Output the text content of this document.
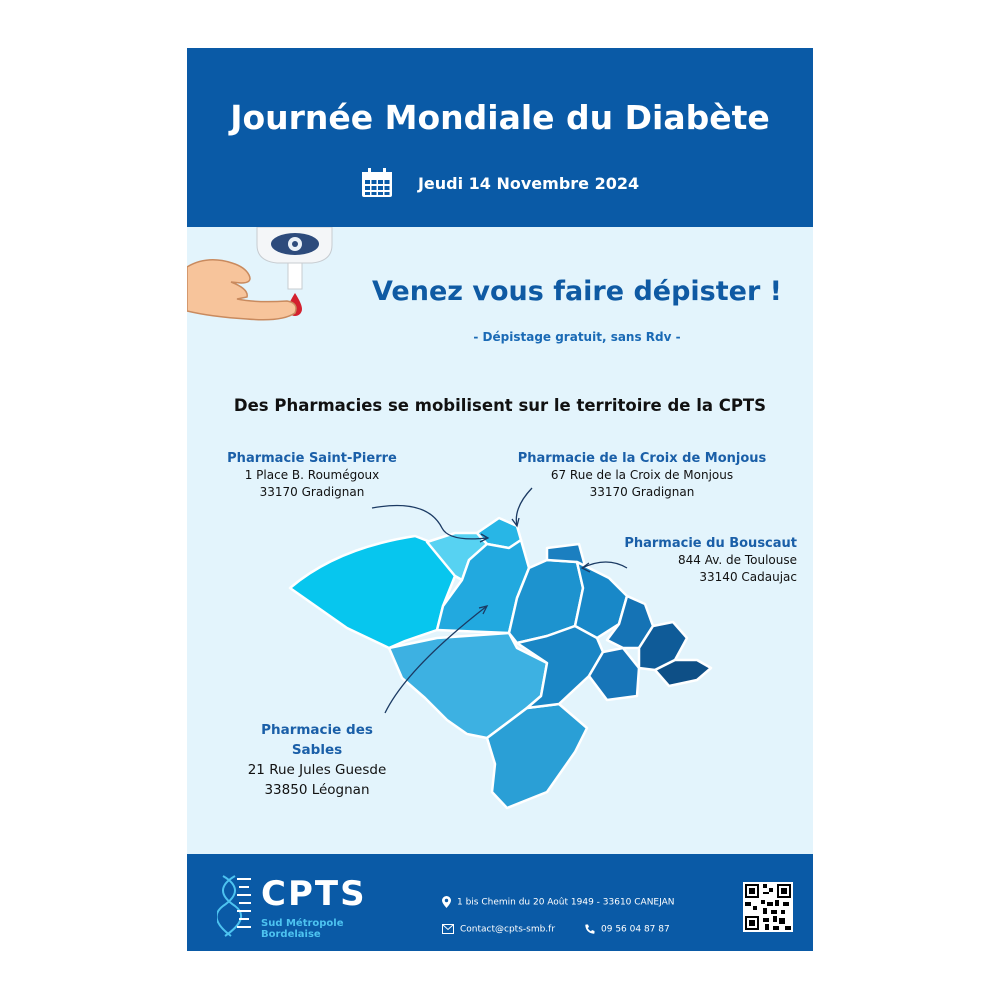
Journée Mondiale du Diabète
Jeudi 14 Novembre 2024
Venez vous faire dépister !
- Dépistage gratuit, sans Rdv -
Des Pharmacies se mobilisent sur le territoire de la CPTS
Pharmacie Saint-Pierre
1 Place B. Roumégoux
33170 Gradignan
Pharmacie de la Croix de Monjous
67 Rue de la Croix de Monjous
33170 Gradignan
Pharmacie du Bouscaut
844 Av. de Toulouse
33140 Cadaujac
Pharmacie des Sables
21 Rue Jules Guesde
33850 Léognan
CPTS
Sud Métropole
Bordelaise
1 bis Chemin du 20 Août 1949 - 33610 CANEJAN
Contact@cpts-smb.fr	09 56 04 87 87
